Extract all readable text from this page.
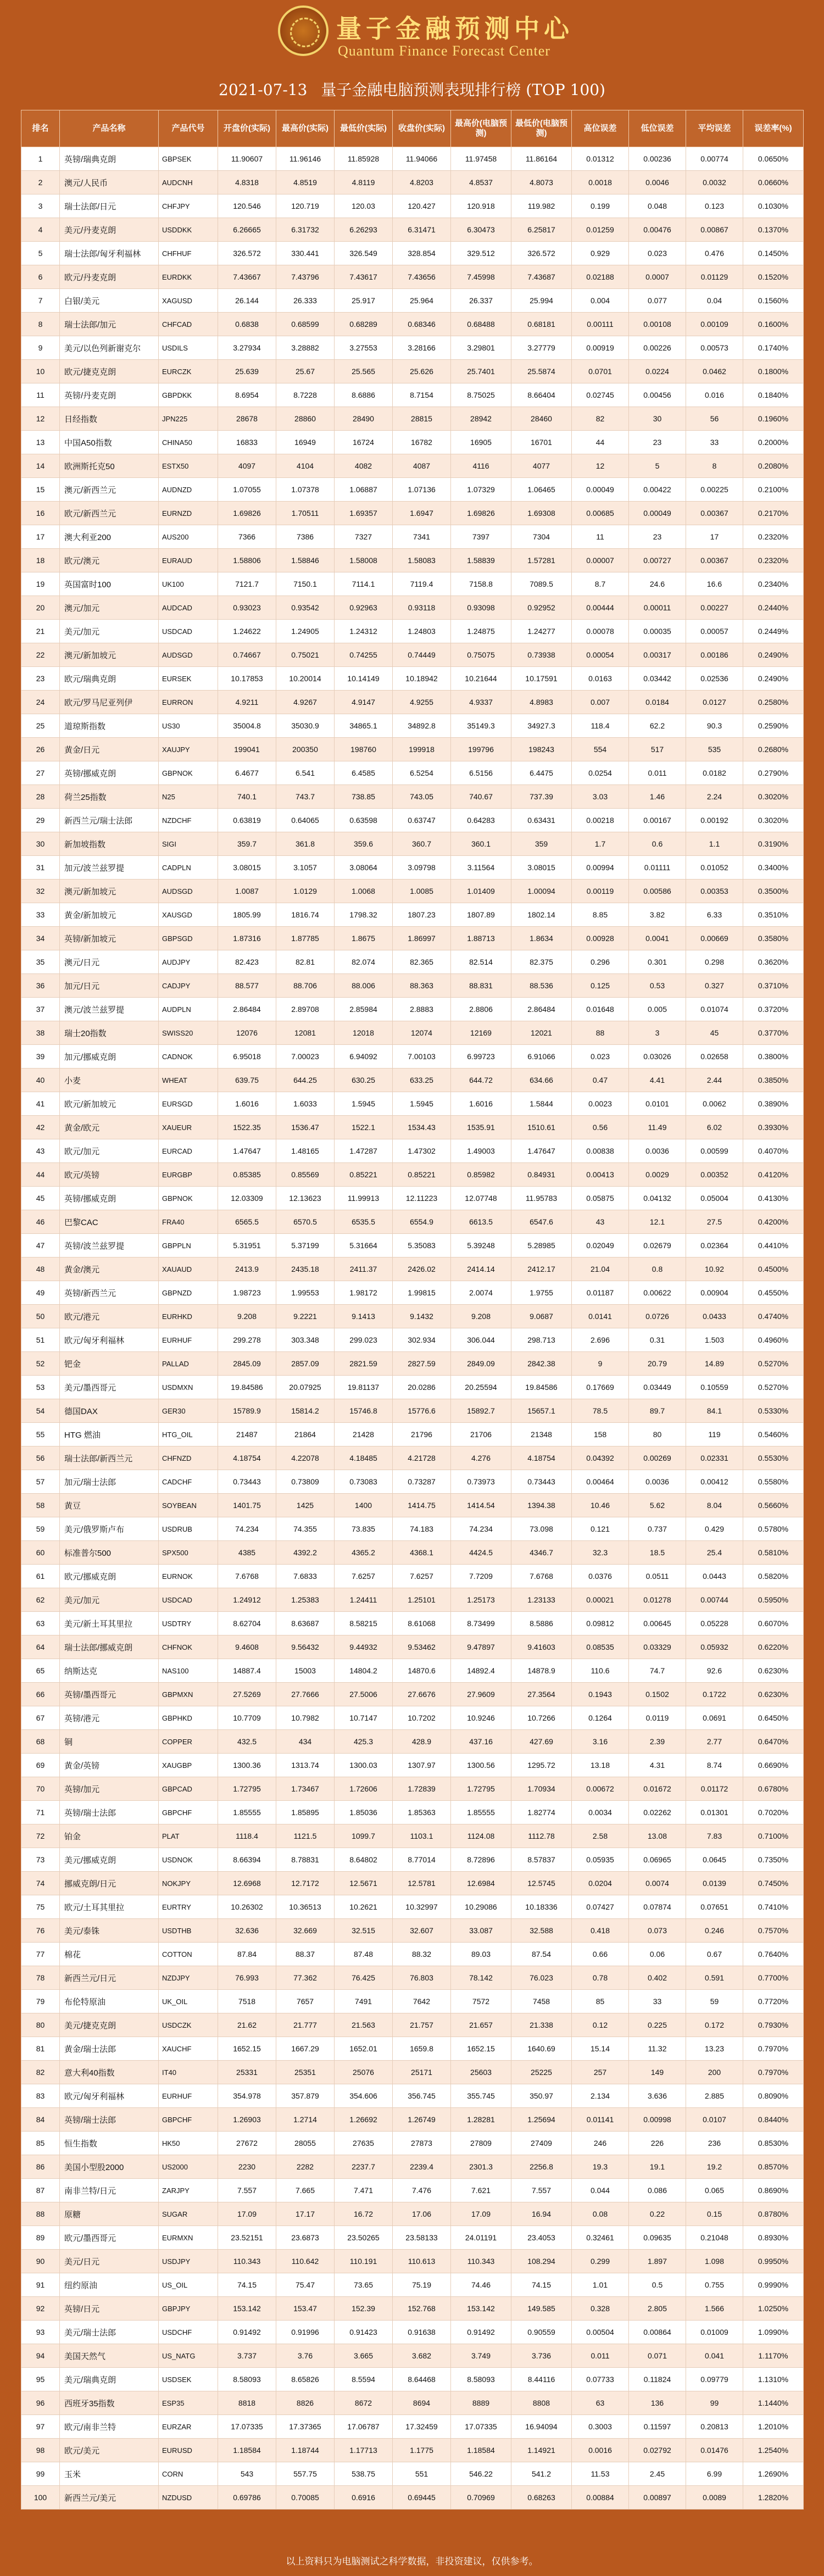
量子金融预测中心
Quantum Finance Forecast Center
2021-07-13 量子金融电脑预测表现排行榜 (TOP 100)
排名	产品名称	产品代号	开盘价(实际)	最高价(实际)	最低价(实际)	收盘价(实际)	最高价(电脑预测)	最低价(电脑预测)	高位误差	低位误差	平均误差	误差率(%)
1	英镑/瑞典克朗	GBPSEK	11.90607	11.96146	11.85928	11.94066	11.97458	11.86164	0.01312	0.00236	0.00774	0.0650%
2	澳元/人民币	AUDCNH	4.8318	4.8519	4.8119	4.8203	4.8537	4.8073	0.0018	0.0046	0.0032	0.0660%
3	瑞士法郎/日元	CHFJPY	120.546	120.719	120.03	120.427	120.918	119.982	0.199	0.048	0.123	0.1030%
4	美元/丹麦克朗	USDDKK	6.26665	6.31732	6.26293	6.31471	6.30473	6.25817	0.01259	0.00476	0.00867	0.1370%
5	瑞士法郎/匈牙利福林	CHFHUF	326.572	330.441	326.549	328.854	329.512	326.572	0.929	0.023	0.476	0.1450%
6	欧元/丹麦克朗	EURDKK	7.43667	7.43796	7.43617	7.43656	7.45998	7.43687	0.02188	0.0007	0.01129	0.1520%
7	白银/美元	XAGUSD	26.144	26.333	25.917	25.964	26.337	25.994	0.004	0.077	0.04	0.1560%
8	瑞士法郎/加元	CHFCAD	0.6838	0.68599	0.68289	0.68346	0.68488	0.68181	0.00111	0.00108	0.00109	0.1600%
9	美元/以色列新谢克尔	USDILS	3.27934	3.28882	3.27553	3.28166	3.29801	3.27779	0.00919	0.00226	0.00573	0.1740%
10	欧元/捷克克朗	EURCZK	25.639	25.67	25.565	25.626	25.7401	25.5874	0.0701	0.0224	0.0462	0.1800%
11	英镑/丹麦克朗	GBPDKK	8.6954	8.7228	8.6886	8.7154	8.75025	8.66404	0.02745	0.00456	0.016	0.1840%
12	日经指数	JPN225	28678	28860	28490	28815	28942	28460	82	30	56	0.1960%
13	中国A50指数	CHINA50	16833	16949	16724	16782	16905	16701	44	23	33	0.2000%
14	欧洲斯托克50	ESTX50	4097	4104	4082	4087	4116	4077	12	5	8	0.2080%
15	澳元/新西兰元	AUDNZD	1.07055	1.07378	1.06887	1.07136	1.07329	1.06465	0.00049	0.00422	0.00225	0.2100%
16	欧元/新西兰元	EURNZD	1.69826	1.70511	1.69357	1.6947	1.69826	1.69308	0.00685	0.00049	0.00367	0.2170%
17	澳大利亚200	AUS200	7366	7386	7327	7341	7397	7304	11	23	17	0.2320%
18	欧元/澳元	EURAUD	1.58806	1.58846	1.58008	1.58083	1.58839	1.57281	0.00007	0.00727	0.00367	0.2320%
19	英国富时100	UK100	7121.7	7150.1	7114.1	7119.4	7158.8	7089.5	8.7	24.6	16.6	0.2340%
20	澳元/加元	AUDCAD	0.93023	0.93542	0.92963	0.93118	0.93098	0.92952	0.00444	0.00011	0.00227	0.2440%
21	美元/加元	USDCAD	1.24622	1.24905	1.24312	1.24803	1.24875	1.24277	0.00078	0.00035	0.00057	0.2449%
22	澳元/新加坡元	AUDSGD	0.74667	0.75021	0.74255	0.74449	0.75075	0.73938	0.00054	0.00317	0.00186	0.2490%
23	欧元/瑞典克朗	EURSEK	10.17853	10.20014	10.14149	10.18942	10.21644	10.17591	0.0163	0.03442	0.02536	0.2490%
24	欧元/罗马尼亚列伊	EURRON	4.9211	4.9267	4.9147	4.9255	4.9337	4.8983	0.007	0.0184	0.0127	0.2580%
25	道琼斯指数	US30	35004.8	35030.9	34865.1	34892.8	35149.3	34927.3	118.4	62.2	90.3	0.2590%
26	黄金/日元	XAUJPY	199041	200350	198760	199918	199796	198243	554	517	535	0.2680%
27	英镑/挪威克朗	GBPNOK	6.4677	6.541	6.4585	6.5254	6.5156	6.4475	0.0254	0.011	0.0182	0.2790%
28	荷兰25指数	N25	740.1	743.7	738.85	743.05	740.67	737.39	3.03	1.46	2.24	0.3020%
29	新西兰元/瑞士法郎	NZDCHF	0.63819	0.64065	0.63598	0.63747	0.64283	0.63431	0.00218	0.00167	0.00192	0.3020%
30	新加坡指数	SIGI	359.7	361.8	359.6	360.7	360.1	359	1.7	0.6	1.1	0.3190%
31	加元/波兰兹罗提	CADPLN	3.08015	3.1057	3.08064	3.09798	3.11564	3.08015	0.00994	0.01111	0.01052	0.3400%
32	澳元/新加坡元	AUDSGD	1.0087	1.0129	1.0068	1.0085	1.01409	1.00094	0.00119	0.00586	0.00353	0.3500%
33	黄金/新加坡元	XAUSGD	1805.99	1816.74	1798.32	1807.23	1807.89	1802.14	8.85	3.82	6.33	0.3510%
34	英镑/新加坡元	GBPSGD	1.87316	1.87785	1.8675	1.86997	1.88713	1.8634	0.00928	0.0041	0.00669	0.3580%
35	澳元/日元	AUDJPY	82.423	82.81	82.074	82.365	82.514	82.375	0.296	0.301	0.298	0.3620%
36	加元/日元	CADJPY	88.577	88.706	88.006	88.363	88.831	88.536	0.125	0.53	0.327	0.3710%
37	澳元/波兰兹罗提	AUDPLN	2.86484	2.89708	2.85984	2.8883	2.8806	2.86484	0.01648	0.005	0.01074	0.3720%
38	瑞士20指数	SWISS20	12076	12081	12018	12074	12169	12021	88	3	45	0.3770%
39	加元/挪威克朗	CADNOK	6.95018	7.00023	6.94092	7.00103	6.99723	6.91066	0.023	0.03026	0.02658	0.3800%
40	小麦	WHEAT	639.75	644.25	630.25	633.25	644.72	634.66	0.47	4.41	2.44	0.3850%
41	欧元/新加坡元	EURSGD	1.6016	1.6033	1.5945	1.5945	1.6016	1.5844	0.0023	0.0101	0.0062	0.3890%
42	黄金/欧元	XAUEUR	1522.35	1536.47	1522.1	1534.43	1535.91	1510.61	0.56	11.49	6.02	0.3930%
43	欧元/加元	EURCAD	1.47647	1.48165	1.47287	1.47302	1.49003	1.47647	0.00838	0.0036	0.00599	0.4070%
44	欧元/英镑	EURGBP	0.85385	0.85569	0.85221	0.85221	0.85982	0.84931	0.00413	0.0029	0.00352	0.4120%
45	英镑/挪威克朗	GBPNOK	12.03309	12.13623	11.99913	12.11223	12.07748	11.95783	0.05875	0.04132	0.05004	0.4130%
46	巴黎CAC	FRA40	6565.5	6570.5	6535.5	6554.9	6613.5	6547.6	43	12.1	27.5	0.4200%
47	英镑/波兰兹罗提	GBPPLN	5.31951	5.37199	5.31664	5.35083	5.39248	5.28985	0.02049	0.02679	0.02364	0.4410%
48	黄金/澳元	XAUAUD	2413.9	2435.18	2411.37	2426.02	2414.14	2412.17	21.04	0.8	10.92	0.4500%
49	英镑/新西兰元	GBPNZD	1.98723	1.99553	1.98172	1.99815	2.0074	1.9755	0.01187	0.00622	0.00904	0.4550%
50	欧元/港元	EURHKD	9.208	9.2221	9.1413	9.1432	9.208	9.0687	0.0141	0.0726	0.0433	0.4740%
51	欧元/匈牙利福林	EURHUF	299.278	303.348	299.023	302.934	306.044	298.713	2.696	0.31	1.503	0.4960%
52	钯金	PALLAD	2845.09	2857.09	2821.59	2827.59	2849.09	2842.38	9	20.79	14.89	0.5270%
53	美元/墨西哥元	USDMXN	19.84586	20.07925	19.81137	20.0286	20.25594	19.84586	0.17669	0.03449	0.10559	0.5270%
54	德国DAX	GER30	15789.9	15814.2	15746.8	15776.6	15892.7	15657.1	78.5	89.7	84.1	0.5330%
55	HTG 燃油	HTG_OIL	21487	21864	21428	21796	21706	21348	158	80	119	0.5460%
56	瑞士法郎/新西兰元	CHFNZD	4.18754	4.22078	4.18485	4.21728	4.276	4.18754	0.04392	0.00269	0.02331	0.5530%
57	加元/瑞士法郎	CADCHF	0.73443	0.73809	0.73083	0.73287	0.73973	0.73443	0.00464	0.0036	0.00412	0.5580%
58	黄豆	SOYBEAN	1401.75	1425	1400	1414.75	1414.54	1394.38	10.46	5.62	8.04	0.5660%
59	美元/俄罗斯卢布	USDRUB	74.234	74.355	73.835	74.183	74.234	73.098	0.121	0.737	0.429	0.5780%
60	标准普尔500	SPX500	4385	4392.2	4365.2	4368.1	4424.5	4346.7	32.3	18.5	25.4	0.5810%
61	欧元/挪威克朗	EURNOK	7.6768	7.6833	7.6257	7.6257	7.7209	7.6768	0.0376	0.0511	0.0443	0.5820%
62	美元/加元	USDCAD	1.24912	1.25383	1.24411	1.25101	1.25173	1.23133	0.00021	0.01278	0.00744	0.5950%
63	美元/新土耳其里拉	USDTRY	8.62704	8.63687	8.58215	8.61068	8.73499	8.5886	0.09812	0.00645	0.05228	0.6070%
64	瑞士法郎/挪威克朗	CHFNOK	9.4608	9.56432	9.44932	9.53462	9.47897	9.41603	0.08535	0.03329	0.05932	0.6220%
65	纳斯达克	NAS100	14887.4	15003	14804.2	14870.6	14892.4	14878.9	110.6	74.7	92.6	0.6230%
66	英镑/墨西哥元	GBPMXN	27.5269	27.7666	27.5006	27.6676	27.9609	27.3564	0.1943	0.1502	0.1722	0.6230%
67	英镑/港元	GBPHKD	10.7709	10.7982	10.7147	10.7202	10.9246	10.7266	0.1264	0.0119	0.0691	0.6450%
68	铜	COPPER	432.5	434	425.3	428.9	437.16	427.69	3.16	2.39	2.77	0.6470%
69	黄金/英镑	XAUGBP	1300.36	1313.74	1300.03	1307.97	1300.56	1295.72	13.18	4.31	8.74	0.6690%
70	英镑/加元	GBPCAD	1.72795	1.73467	1.72606	1.72839	1.72795	1.70934	0.00672	0.01672	0.01172	0.6780%
71	英镑/瑞士法郎	GBPCHF	1.85555	1.85895	1.85036	1.85363	1.85555	1.82774	0.0034	0.02262	0.01301	0.7020%
72	铂金	PLAT	1118.4	1121.5	1099.7	1103.1	1124.08	1112.78	2.58	13.08	7.83	0.7100%
73	美元/挪威克朗	USDNOK	8.66394	8.78831	8.64802	8.77014	8.72896	8.57837	0.05935	0.06965	0.0645	0.7350%
74	挪威克朗/日元	NOKJPY	12.6968	12.7172	12.5671	12.5781	12.6984	12.5745	0.0204	0.0074	0.0139	0.7450%
75	欧元/土耳其里拉	EURTRY	10.26302	10.36513	10.2621	10.32997	10.29086	10.18336	0.07427	0.07874	0.07651	0.7410%
76	美元/泰铢	USDTHB	32.636	32.669	32.515	32.607	33.087	32.588	0.418	0.073	0.246	0.7570%
77	棉花	COTTON	87.84	88.37	87.48	88.32	89.03	87.54	0.66	0.06	0.67	0.7640%
78	新西兰元/日元	NZDJPY	76.993	77.362	76.425	76.803	78.142	76.023	0.78	0.402	0.591	0.7700%
79	布伦特原油	UK_OIL	7518	7657	7491	7642	7572	7458	85	33	59	0.7720%
80	美元/捷克克朗	USDCZK	21.62	21.777	21.563	21.757	21.657	21.338	0.12	0.225	0.172	0.7930%
81	黄金/瑞士法郎	XAUCHF	1652.15	1667.29	1652.01	1659.8	1652.15	1640.69	15.14	11.32	13.23	0.7970%
82	意大利40指数	IT40	25331	25351	25076	25171	25603	25225	257	149	200	0.7970%
83	欧元/匈牙利福林	EURHUF	354.978	357.879	354.606	356.745	355.745	350.97	2.134	3.636	2.885	0.8090%
84	英镑/瑞士法郎	GBPCHF	1.26903	1.2714	1.26692	1.26749	1.28281	1.25694	0.01141	0.00998	0.0107	0.8440%
85	恒生指数	HK50	27672	28055	27635	27873	27809	27409	246	226	236	0.8530%
86	美国小型股2000	US2000	2230	2282	2237.7	2239.4	2301.3	2256.8	19.3	19.1	19.2	0.8570%
87	南非兰特/日元	ZARJPY	7.557	7.665	7.471	7.476	7.621	7.557	0.044	0.086	0.065	0.8690%
88	原糖	SUGAR	17.09	17.17	16.72	17.06	17.09	16.94	0.08	0.22	0.15	0.8780%
89	欧元/墨西哥元	EURMXN	23.52151	23.6873	23.50265	23.58133	24.01191	23.4053	0.32461	0.09635	0.21048	0.8930%
90	美元/日元	USDJPY	110.343	110.642	110.191	110.613	110.343	108.294	0.299	1.897	1.098	0.9950%
91	纽约原油	US_OIL	74.15	75.47	73.65	75.19	74.46	74.15	1.01	0.5	0.755	0.9990%
92	英镑/日元	GBPJPY	153.142	153.47	152.39	152.768	153.142	149.585	0.328	2.805	1.566	1.0250%
93	美元/瑞士法郎	USDCHF	0.91492	0.91996	0.91423	0.91638	0.91492	0.90559	0.00504	0.00864	0.01009	1.0990%
94	美国天然气	US_NATG	3.737	3.76	3.665	3.682	3.749	3.736	0.011	0.071	0.041	1.1170%
95	美元/瑞典克朗	USDSEK	8.58093	8.65826	8.5594	8.64468	8.58093	8.44116	0.07733	0.11824	0.09779	1.1310%
96	西班牙35指数	ESP35	8818	8826	8672	8694	8889	8808	63	136	99	1.1440%
97	欧元/南非兰特	EURZAR	17.07335	17.37365	17.06787	17.32459	17.07335	16.94094	0.3003	0.11597	0.20813	1.2010%
98	欧元/美元	EURUSD	1.18584	1.18744	1.17713	1.1775	1.18584	1.14921	0.0016	0.02792	0.01476	1.2540%
99	玉米	CORN	543	557.75	538.75	551	546.22	541.2	11.53	2.45	6.99	1.2690%
100	新西兰元/美元	NZDUSD	0.69786	0.70085	0.6916	0.69445	0.70969	0.68263	0.00884	0.00897	0.0089	1.2820%
以上资料只为电脑测试之科学数据，非投资建议，仅供参考。
